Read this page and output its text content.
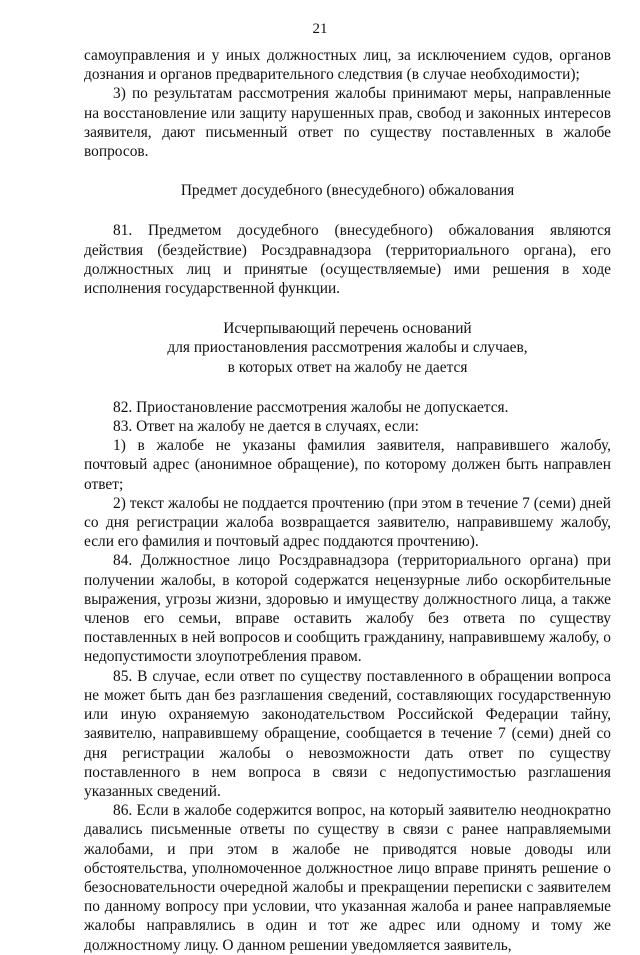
21

самоуправления и у иных должностных лиц, за исключением судов, органов дознания и органов предварительного следствия (в случае необходимости);

3) по результатам рассмотрения жалобы принимают меры, направленные на восстановление или защиту нарушенных прав, свобод и законных интересов заявителя, дают письменный ответ по существу поставленных в жалобе вопросов.

Предмет досудебного (внесудебного) обжалования

81. Предметом досудебного (внесудебного) обжалования являются действия (бездействие) Росздравнадзора (территориального органа), его должностных лиц и принятые (осуществляемые) ими решения в ходе исполнения государственной функции.

Исчерпывающий перечень оснований

для приостановления рассмотрения жалобы и случаев,

в которых ответ на жалобу не дается

82. Приостановление рассмотрения жалобы не допускается.

83. Ответ на жалобу не дается в случаях, если:

1) в жалобе не указаны фамилия заявителя, направившего жалобу, почтовый адрес (анонимное обращение), по которому должен быть направлен ответ;

2) текст жалобы не поддается прочтению (при этом в течение 7 (семи) дней со дня регистрации жалоба возвращается заявителю, направившему жалобу, если его фамилия и почтовый адрес поддаются прочтению).

84. Должностное лицо Росздравнадзора (территориального органа) при получении жалобы, в которой содержатся нецензурные либо оскорбительные выражения, угрозы жизни, здоровью и имуществу должностного лица, а также членов его семьи, вправе оставить жалобу без ответа по существу поставленных в ней вопросов и сообщить гражданину, направившему жалобу, о недопустимости злоупотребления правом.

85. В случае, если ответ по существу поставленного в обращении вопроса не может быть дан без разглашения сведений, составляющих государственную или иную охраняемую законодательством Российской Федерации тайну, заявителю, направившему обращение, сообщается в течение 7 (семи) дней со дня регистрации жалобы о невозможности дать ответ по существу поставленного в нем вопроса в связи с недопустимостью разглашения указанных сведений.

86. Если в жалобе содержится вопрос, на который заявителю неоднократно давались письменные ответы по существу в связи с ранее направляемыми жалобами, и при этом в жалобе не приводятся новые доводы или обстоятельства, уполномоченное должностное лицо вправе принять решение о безосновательности очередной жалобы и прекращении переписки с заявителем по данному вопросу при условии, что указанная жалоба и ранее направляемые жалобы направлялись в один и тот же адрес или одному и тому же должностному лицу. О данном решении уведомляется заявитель,
